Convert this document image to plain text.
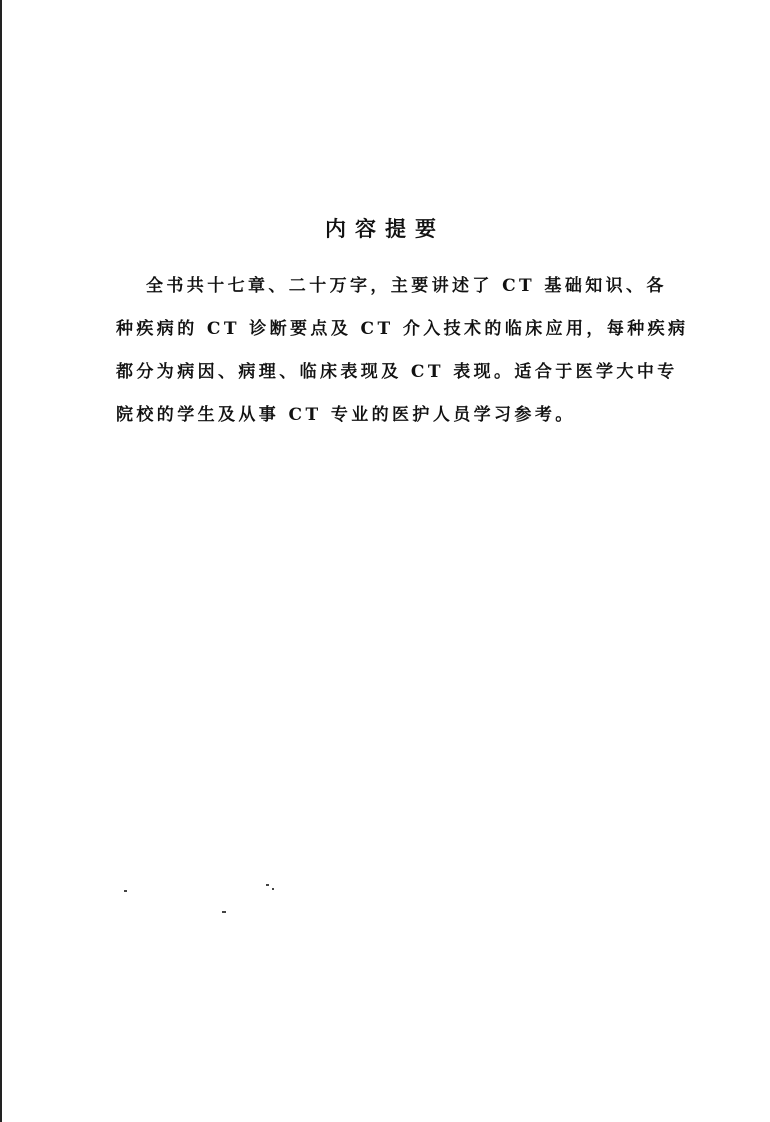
内容提要
全书共十七章、二十万字，主要讲述了 CT 基础知识、各
种疾病的 CT 诊断要点及 CT 介入技术的临床应用，每种疾病
都分为病因、病理、临床表现及 CT 表现。适合于医学大中专
院校的学生及从事 CT 专业的医护人员学习参考。
